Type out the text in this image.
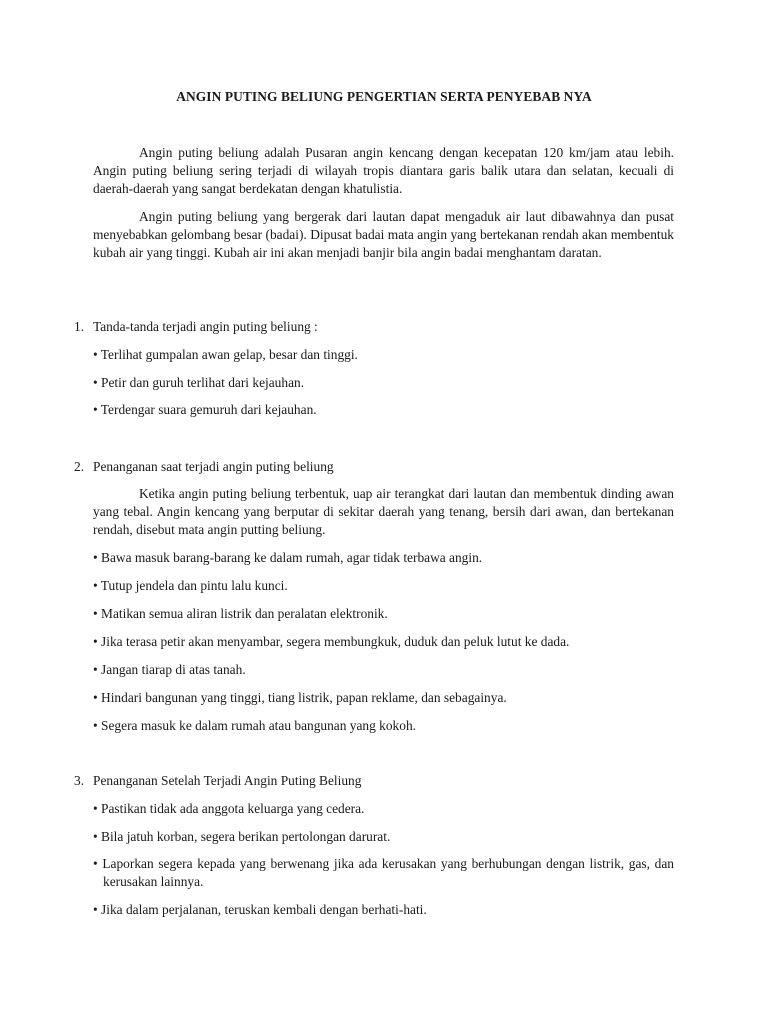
ANGIN PUTING BELIUNG PENGERTIAN SERTA PENYEBAB NYA

Angin puting beliung adalah Pusaran angin kencang dengan kecepatan 120 km/jam atau lebih. Angin puting beliung sering terjadi di wilayah tropis diantara garis balik utara dan selatan, kecuali di daerah-daerah yang sangat berdekatan dengan khatulistia.

Angin puting beliung yang bergerak dari lautan dapat mengaduk air laut dibawahnya dan pusat menyebabkan gelombang besar (badai). Dipusat badai mata angin yang bertekanan rendah akan membentuk kubah air yang tinggi. Kubah air ini akan menjadi banjir bila angin badai menghantam daratan.

1. Tanda-tanda terjadi angin puting beliung :

• Terlihat gumpalan awan gelap, besar dan tinggi.

• Petir dan guruh terlihat dari kejauhan.

• Terdengar suara gemuruh dari kejauhan.

2. Penanganan saat terjadi angin puting beliung

Ketika angin puting beliung terbentuk, uap air terangkat dari lautan dan membentuk dinding awan yang tebal. Angin kencang yang berputar di sekitar daerah yang tenang, bersih dari awan, dan bertekanan rendah, disebut mata angin putting beliung.

• Bawa masuk barang-barang ke dalam rumah, agar tidak terbawa angin.

• Tutup jendela dan pintu lalu kunci.

• Matikan semua aliran listrik dan peralatan elektronik.

• Jika terasa petir akan menyambar, segera membungkuk, duduk dan peluk lutut ke dada.

• Jangan tiarap di atas tanah.

• Hindari bangunan yang tinggi, tiang listrik, papan reklame, dan sebagainya.

• Segera masuk ke dalam rumah atau bangunan yang kokoh.

3. Penanganan Setelah Terjadi Angin Puting Beliung

• Pastikan tidak ada anggota keluarga yang cedera.

• Bila jatuh korban, segera berikan pertolongan darurat.

• Laporkan segera kepada yang berwenang jika ada kerusakan yang berhubungan dengan listrik, gas, dan kerusakan lainnya.

• Jika dalam perjalanan, teruskan kembali dengan berhati-hati.
